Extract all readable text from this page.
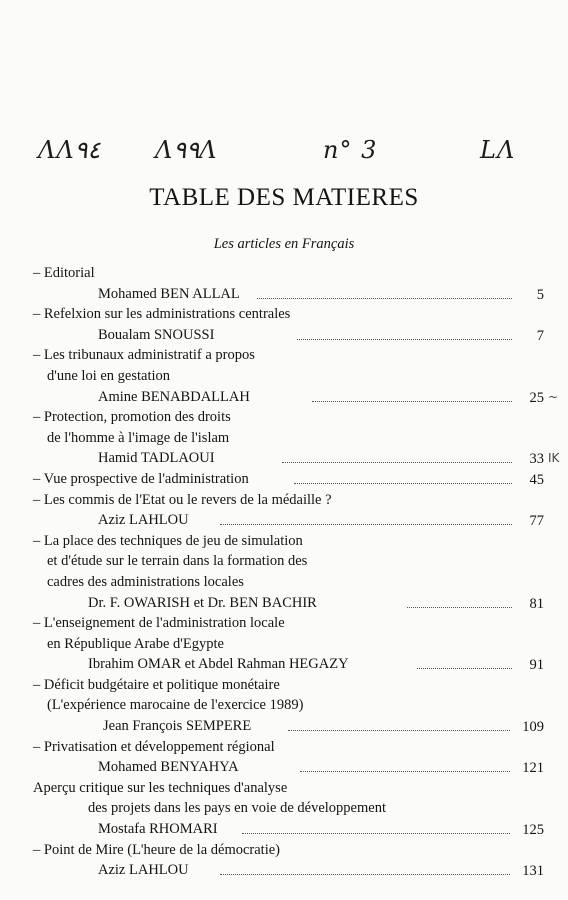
ΛΛ٩٤ Λ٩٩Λ	n° 3	LΛ
TABLE DES MATIERES
Les articles en Français
– Editorial
Mohamed BEN ALLAL	5
– Refelxion sur les administrations centrales
Boualam SNOUSSI	7
– Les tribunaux administratif a propos
d'une loi en gestation
Amine BENABDALLAH	25 ~
– Protection, promotion des droits
de l'homme à l'image de l'islam
Hamid TADLAOUI	33 ΙΚ
– Vue prospective de l'administration	45
– Les commis de l'Etat ou le revers de la médaille ?
Aziz LAHLOU	77
– La place des techniques de jeu de simulation
et d'étude sur le terrain dans la formation des
cadres des administrations locales
Dr. F. OWARISH et Dr. BEN BACHIR	81
– L'enseignement de l'administration locale
en République Arabe d'Egypte
Ibrahim OMAR et Abdel Rahman HEGAZY	91
– Déficit budgétaire et politique monétaire
(L'expérience marocaine de l'exercice 1989)
Jean François SEMPERE	109
– Privatisation et développement régional
Mohamed BENYAHYA	121
Aperçu critique sur les techniques d'analyse
des projets dans les pays en voie de développement
Mostafa RHOMARI	125
– Point de Mire (L'heure de la démocratie)
Aziz LAHLOU	131
